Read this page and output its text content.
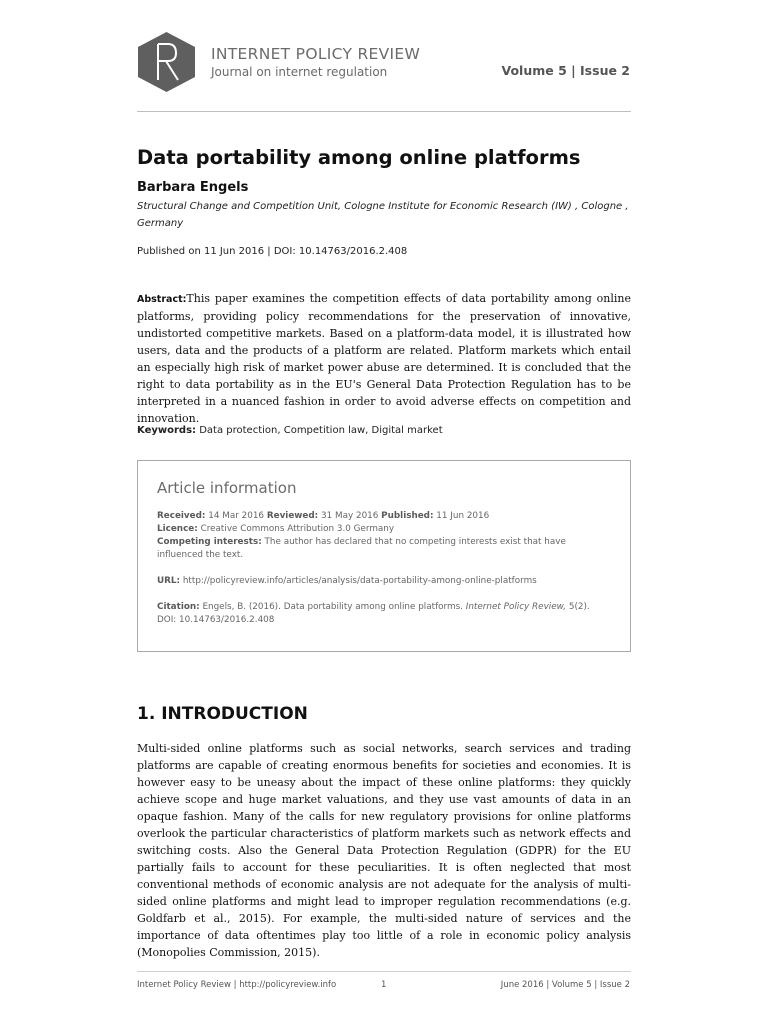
INTERNET POLICY REVIEW
Journal on internet regulation	Volume 5 | Issue 2
Data portability among online platforms
Barbara Engels
Structural Change and Competition Unit, Cologne Institute for Economic Research (IW) , Cologne , Germany
Published on 11 Jun 2016 | DOI: 10.14763/2016.2.408
Abstract:This paper examines the competition effects of data portability among online platforms, providing policy recommendations for the preservation of innovative, undistorted competitive markets. Based on a platform-data model, it is illustrated how users, data and the products of a platform are related. Platform markets which entail an especially high risk of market power abuse are determined. It is concluded that the right to data portability as in the EU's General Data Protection Regulation has to be interpreted in a nuanced fashion in order to avoid adverse effects on competition and innovation.
Keywords: Data protection, Competition law, Digital market
Article information
Received: 14 Mar 2016 Reviewed: 31 May 2016 Published: 11 Jun 2016
Licence: Creative Commons Attribution 3.0 Germany
Competing interests: The author has declared that no competing interests exist that have influenced the text.
URL: http://policyreview.info/articles/analysis/data-portability-among-online-platforms
Citation: Engels, B. (2016). Data portability among online platforms. Internet Policy Review, 5(2).
DOI: 10.14763/2016.2.408
1. INTRODUCTION
Multi-sided online platforms such as social networks, search services and trading platforms are capable of creating enormous benefits for societies and economies. It is however easy to be uneasy about the impact of these online platforms: they quickly achieve scope and huge market valuations, and they use vast amounts of data in an opaque fashion. Many of the calls for new regulatory provisions for online platforms overlook the particular characteristics of platform markets such as network effects and switching costs. Also the General Data Protection Regulation (GDPR) for the EU partially fails to account for these peculiarities. It is often neglected that most conventional methods of economic analysis are not adequate for the analysis of multi-sided online platforms and might lead to improper regulation recommendations (e.g. Goldfarb et al., 2015). For example, the multi-sided nature of services and the importance of data oftentimes play too little of a role in economic policy analysis (Monopolies Commission, 2015).
Internet Policy Review | http://policyreview.info	1	June 2016 | Volume 5 | Issue 2
